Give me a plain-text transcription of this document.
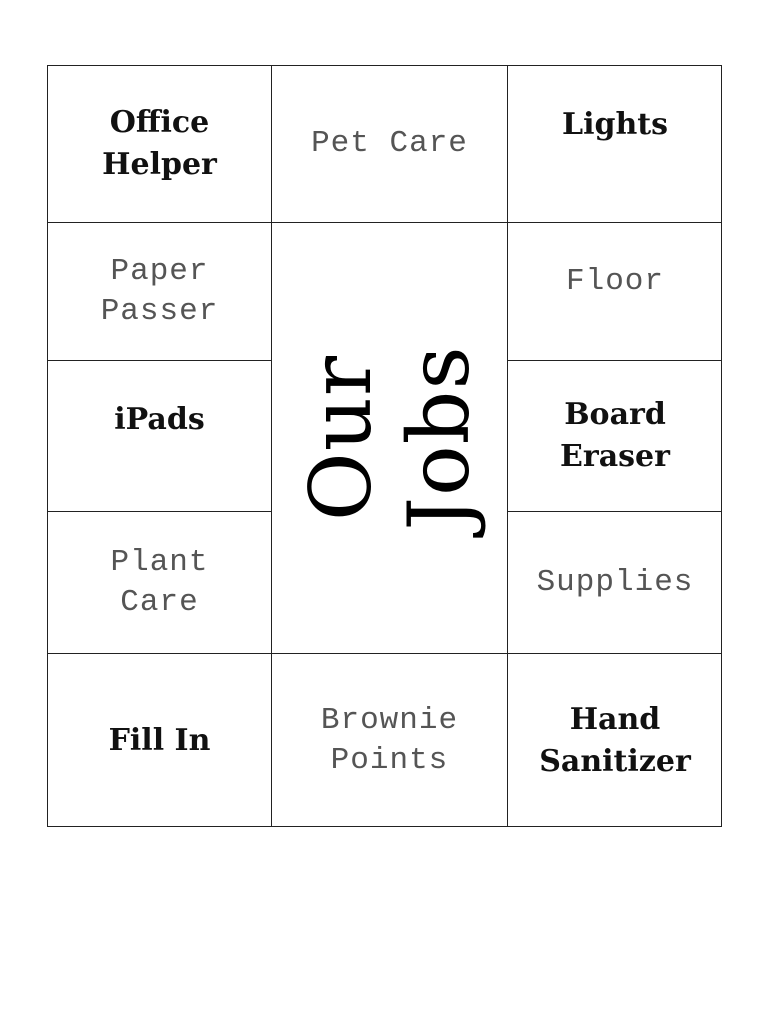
Office
Helper
Pet Care
Lights
Paper
Passer
Our Jobs
Floor
iPads	Board
Eraser
Plant
Care
Supplies
Fill In
Brownie
Points
Hand
Sanitizer
